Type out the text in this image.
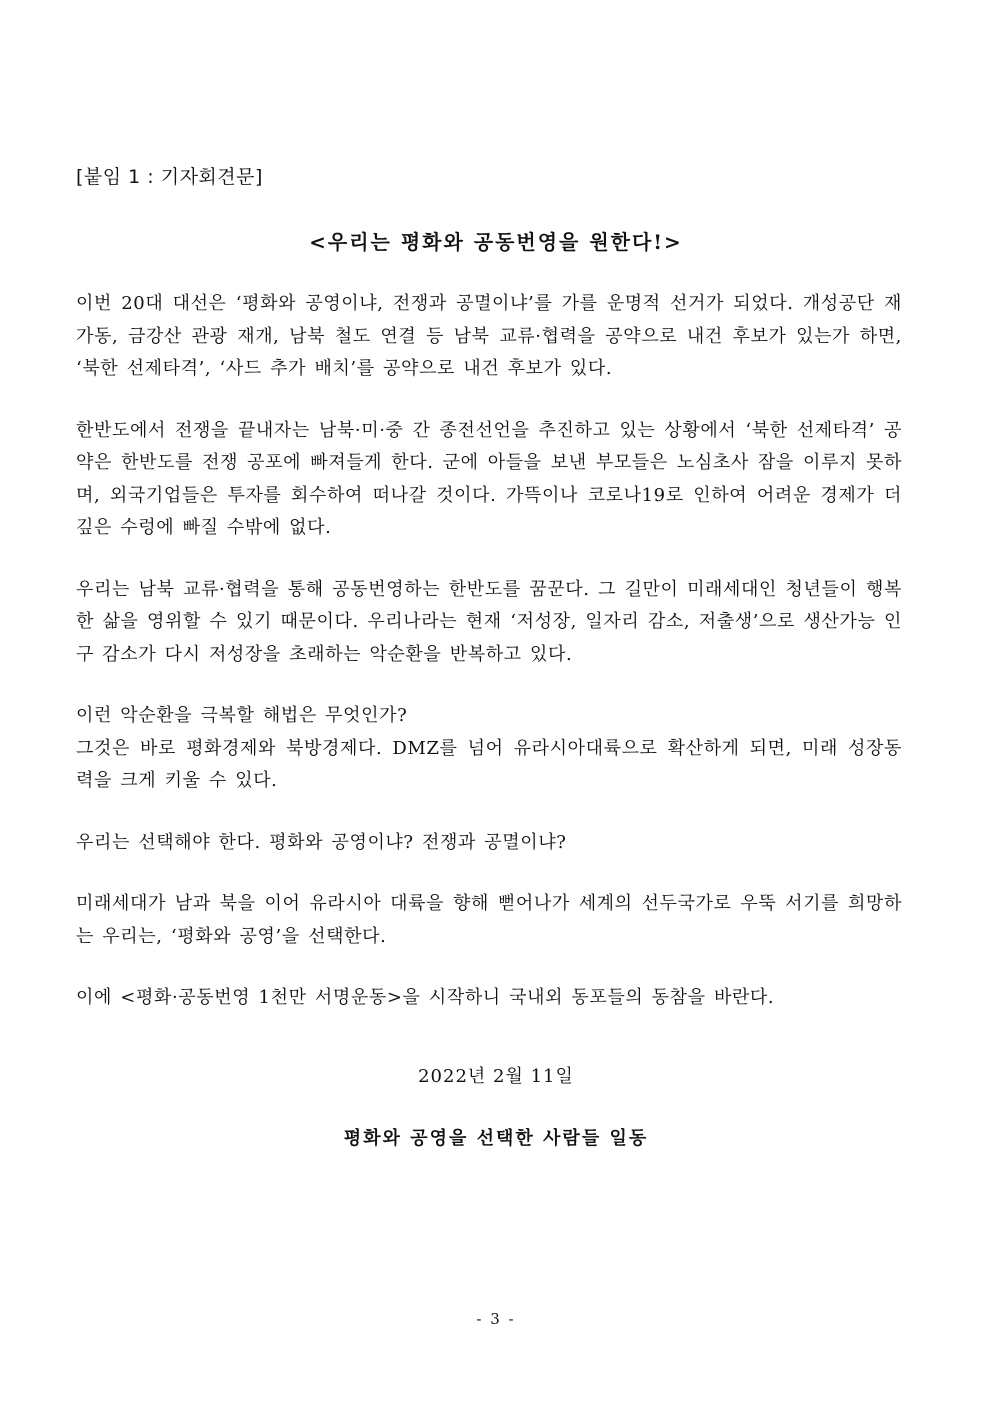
[붙임 1 : 기자회견문]
<우리는 평화와 공동번영을 원한다!>

이번 20대 대선은 ‘평화와 공영이냐, 전쟁과 공멸이냐’를 가를 운명적 선거가 되었다. 개성공단 재가동, 금강산 관광 재개, 남북 철도 연결 등 남북 교류·협력을 공약으로 내건 후보가 있는가 하면, ‘북한 선제타격’, ‘사드 추가 배치’를 공약으로 내건 후보가 있다.

한반도에서 전쟁을 끝내자는 남북·미·중 간 종전선언을 추진하고 있는 상황에서 ‘북한 선제타격’ 공약은 한반도를 전쟁 공포에 빠져들게 한다. 군에 아들을 보낸 부모들은 노심초사 잠을 이루지 못하며, 외국기업들은 투자를 회수하여 떠나갈 것이다. 가뜩이나 코로나19로 인하여 어려운 경제가 더 깊은 수렁에 빠질 수밖에 없다.

우리는 남북 교류·협력을 통해 공동번영하는 한반도를 꿈꾼다. 그 길만이 미래세대인 청년들이 행복한 삶을 영위할 수 있기 때문이다. 우리나라는 현재 ‘저성장, 일자리 감소, 저출생’으로 생산가능 인구 감소가 다시 저성장을 초래하는 악순환을 반복하고 있다.

이런 악순환을 극복할 해법은 무엇인가?
그것은 바로 평화경제와 북방경제다. DMZ를 넘어 유라시아대륙으로 확산하게 되면, 미래 성장동력을 크게 키울 수 있다.

우리는 선택해야 한다. 평화와 공영이냐? 전쟁과 공멸이냐?

미래세대가 남과 북을 이어 유라시아 대륙을 향해 뻗어나가 세계의 선두국가로 우뚝 서기를 희망하는 우리는, ‘평화와 공영’을 선택한다.

이에 <평화·공동번영 1천만 서명운동>을 시작하니 국내외 동포들의 동참을 바란다.

2022년 2월 11일
평화와 공영을 선택한 사람들 일동
- 3 -
